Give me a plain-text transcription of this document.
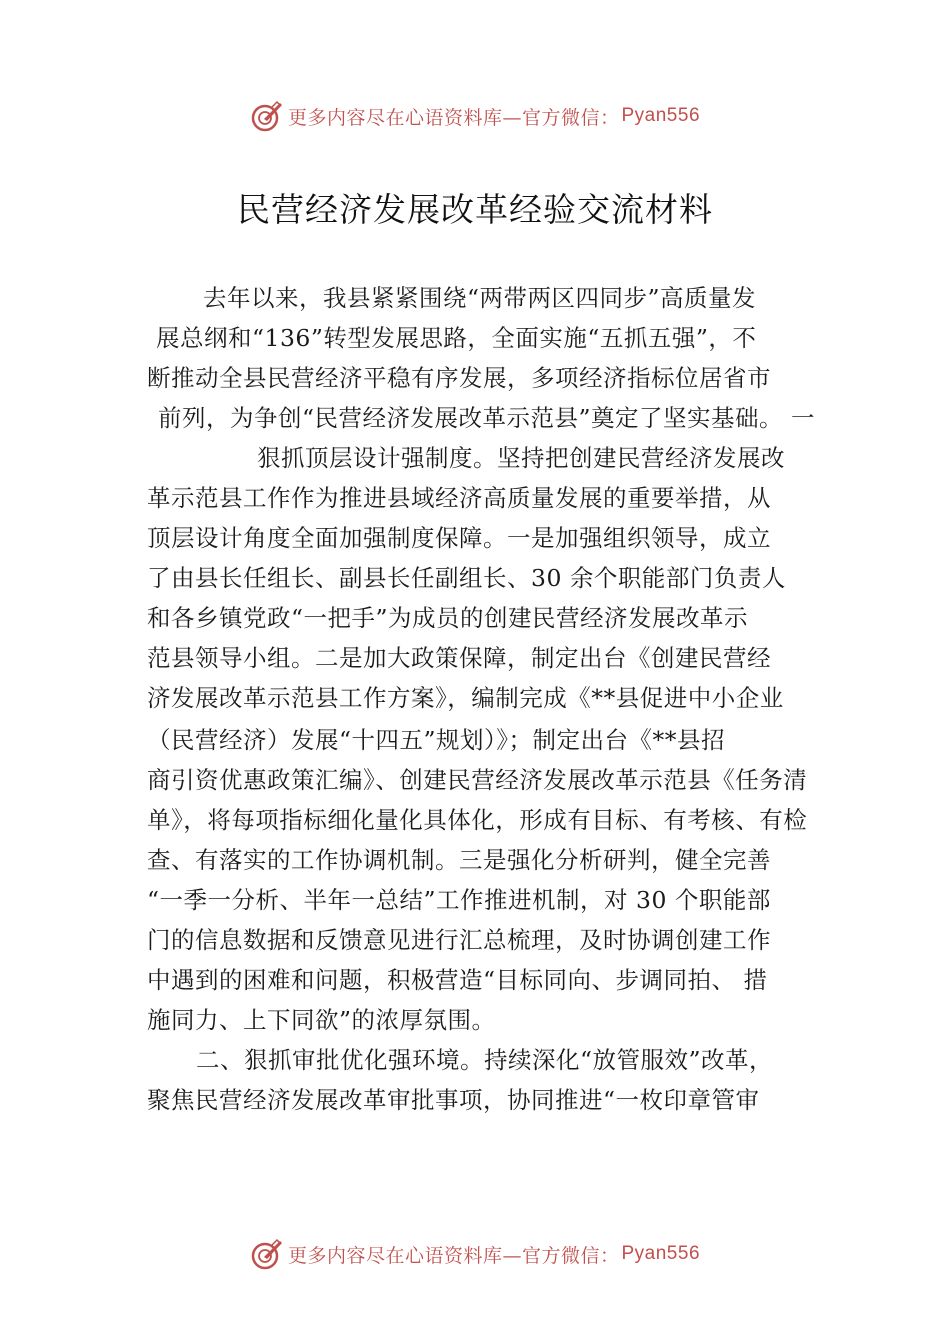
更多内容尽在心语资料库—官方微信： Pyan556
民营经济发展改革经验交流材料
去年以来，我县紧紧围绕“两带两区四同步”高质量发
展总纲和“136”转型发展思路，全面实施“五抓五强”，不
断推动全县民营经济平稳有序发展，多项经济指标位居省市
前列，为争创“民营经济发展改革示范县”奠定了坚实基础。 一
狠抓顶层设计强制度。坚持把创建民营经济发展改
革示范县工作作为推进县域经济高质量发展的重要举措，从
顶层设计角度全面加强制度保障。一是加强组织领导，成立
了由县长任组长、副县长任副组长、30 余个职能部门负责人
和各乡镇党政“一把手”为成员的创建民营经济发展改革示
范县领导小组。二是加大政策保障，制定出台《创建民营经
济发展改革示范县工作方案》，编制完成《**县促进中小企业
（民营经济）发展“十四五”规划）》；制定出台《**县招
商引资优惠政策汇编》、创建民营经济发展改革示范县《任务清
单》，将每项指标细化量化具体化，形成有目标、有考核、有检
查、有落实的工作协调机制。三是强化分析研判，健全完善
“一季一分析、半年一总结”工作推进机制，对 30 个职能部
门的信息数据和反馈意见进行汇总梳理，及时协调创建工作
中遇到的困难和问题，积极营造“目标同向、步调同拍、 措
施同力、上下同欲”的浓厚氛围。
二、狠抓审批优化强环境。持续深化“放管服效”改革，
聚焦民营经济发展改革审批事项，协同推进“一枚印章管审
更多内容尽在心语资料库—官方微信： Pyan556
